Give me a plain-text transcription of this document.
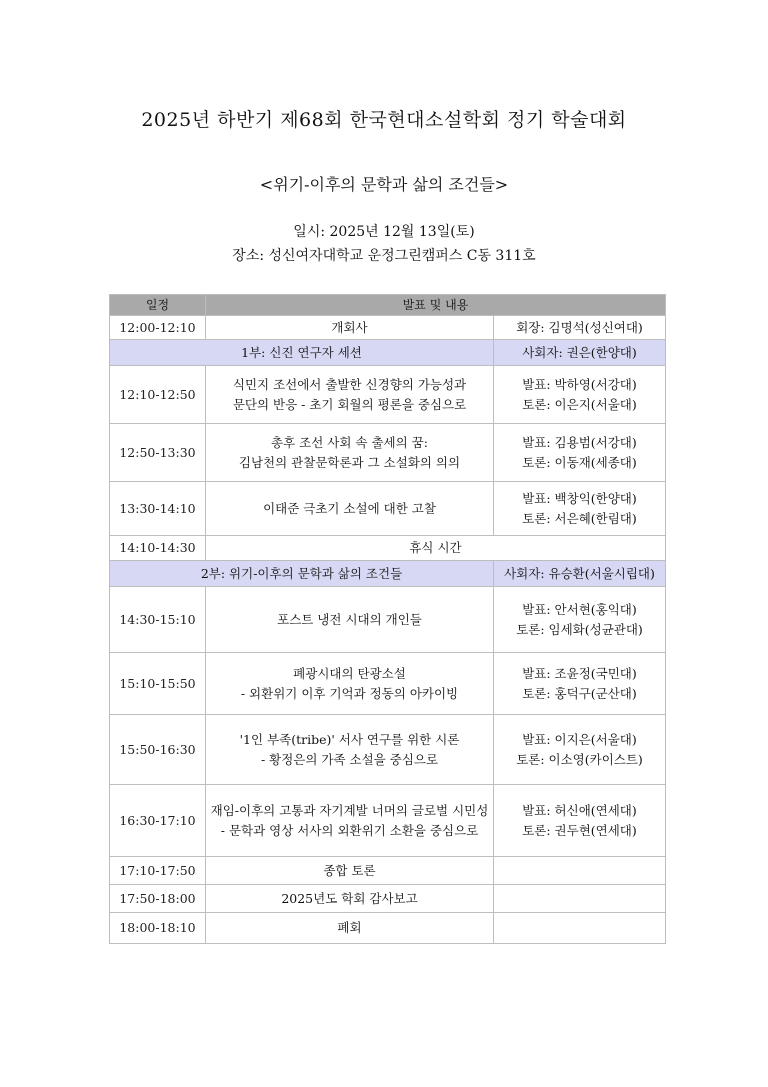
2025년 하반기 제68회 한국현대소설학회 정기 학술대회
<위기-이후의 문학과 삶의 조건들>
일시: 2025년 12월 13일(토)
장소: 성신여자대학교 운정그린캠퍼스 C동 311호
일정	발표 및 내용	
12:00-12:10	개회사	회장: 김명석(성신여대)

1부: 신진 연구자 세션		사회자: 권은(한양대)

12:10-12:50	식민지 조선에서 출발한 신경향의 가능성과
문단의 반응 - 초기 회월의 평론을 중심으로	발표: 박하영(서강대)
토론: 이은지(서울대)

12:50-13:30	총후 조선 사회 속 출세의 꿈:
김남천의 관찰문학론과 그 소설화의 의의	발표: 김용범(서강대)
토론: 이동재(세종대)

13:30-14:10	이태준 극초기 소설에 대한 고찰	발표: 백창익(한양대)
토론: 서은혜(한림대)

14:10-14:30	휴식 시간	

2부: 위기-이후의 문학과 삶의 조건들		사회자: 유승환(서울시립대)

14:30-15:10	포스트 냉전 시대의 개인들	발표: 안서현(홍익대)
토론: 임세화(성균관대)

15:10-15:50	폐광시대의 탄광소설
- 외환위기 이후 기억과 정동의 아카이빙	발표: 조윤정(국민대)
토론: 홍덕구(군산대)

15:50-16:30	'1인 부족(tribe)' 서사 연구를 위한 시론
- 황정은의 가족 소설을 중심으로	발표: 이지은(서울대)
토론: 이소영(카이스트)

16:30-17:10	재임-이후의 고통과 자기계발 너머의 글로벌 시민성
- 문학과 영상 서사의 외환위기 소환을 중심으로	발표: 허신애(연세대)
토론: 권두현(연세대)

17:10-17:50	종합 토론	

17:50-18:00	2025년도 학회 감사보고	

18:00-18:10	폐회	
